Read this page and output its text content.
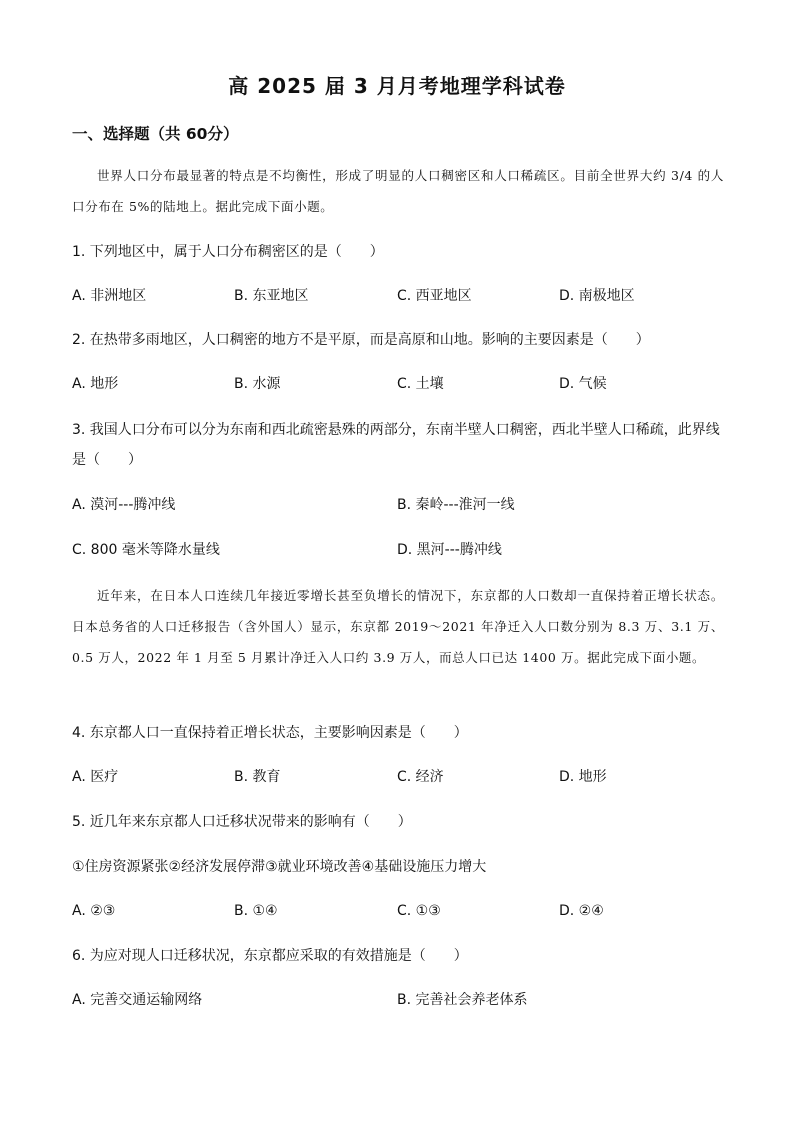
高 2025 届 3 月月考地理学科试卷
一、选择题（共 60分）
世界人口分布最显著的特点是不均衡性，形成了明显的人口稠密区和人口稀疏区。目前全世界大约 3/4 的人口分布在 5%的陆地上。据此完成下面小题。
1. 下列地区中，属于人口分布稠密区的是（　　）
A. 非洲地区	B. 东亚地区	C. 西亚地区	D. 南极地区
2. 在热带多雨地区，人口稠密的地方不是平原，而是高原和山地。影响的主要因素是（　　）
A. 地形	B. 水源	C. 土壤	D. 气候
3. 我国人口分布可以分为东南和西北疏密悬殊的两部分，东南半壁人口稠密，西北半壁人口稀疏，此界线是（　　）
A. 漠河---腾冲线	B. 秦岭---淮河一线
C. 800 毫米等降水量线	D. 黑河---腾冲线
近年来，在日本人口连续几年接近零增长甚至负增长的情况下，东京都的人口数却一直保持着正增长状态。日本总务省的人口迁移报告（含外国人）显示，东京都 2019～2021 年净迁入人口数分别为 8.3 万、3.1 万、0.5 万人，2022 年 1 月至 5 月累计净迁入人口约 3.9 万人，而总人口已达 1400 万。据此完成下面小题。
4. 东京都人口一直保持着正增长状态，主要影响因素是（　　）
A. 医疗	B. 教育	C. 经济	D. 地形
5. 近几年来东京都人口迁移状况带来的影响有（　　）
①住房资源紧张②经济发展停滞③就业环境改善④基础设施压力增大
A. ②③	B. ①④	C. ①③	D. ②④
6. 为应对现人口迁移状况，东京都应采取的有效措施是（　　）
A. 完善交通运输网络	B. 完善社会养老体系
